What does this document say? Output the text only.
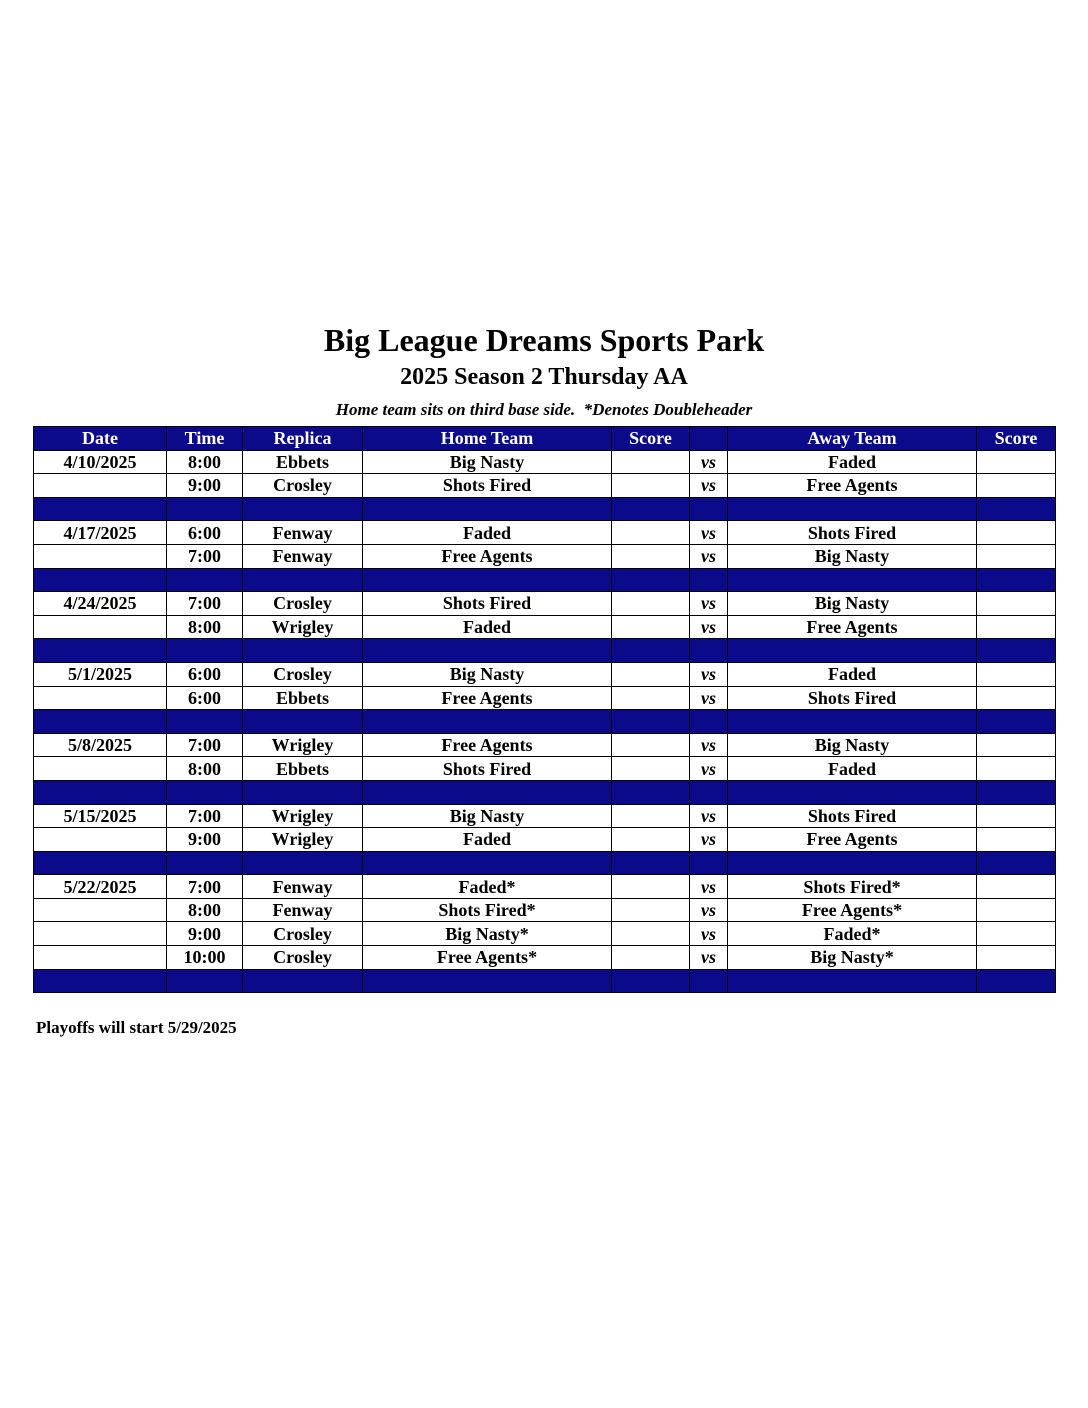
Big League Dreams Sports Park
2025 Season 2 Thursday AA
Home team sits on third base side.  *Denotes Doubleheader
Date	Time	Replica	Home Team	Score		Away Team	Score
4/10/2025	8:00	Ebbets	Big Nasty		vs	Faded	
	9:00	Crosley	Shots Fired		vs	Free Agents	

4/17/2025	6:00	Fenway	Faded		vs	Shots Fired	
	7:00	Fenway	Free Agents		vs	Big Nasty	

4/24/2025	7:00	Crosley	Shots Fired		vs	Big Nasty	
	8:00	Wrigley	Faded		vs	Free Agents	

5/1/2025	6:00	Crosley	Big Nasty		vs	Faded	
	6:00	Ebbets	Free Agents		vs	Shots Fired	

5/8/2025	7:00	Wrigley	Free Agents		vs	Big Nasty	
	8:00	Ebbets	Shots Fired		vs	Faded	

5/15/2025	7:00	Wrigley	Big Nasty		vs	Shots Fired	
	9:00	Wrigley	Faded		vs	Free Agents	

5/22/2025	7:00	Fenway	Faded*		vs	Shots Fired*	
	8:00	Fenway	Shots Fired*		vs	Free Agents*	
	9:00	Crosley	Big Nasty*		vs	Faded*	
	10:00	Crosley	Free Agents*		vs	Big Nasty*	

Playoffs will start 5/29/2025
